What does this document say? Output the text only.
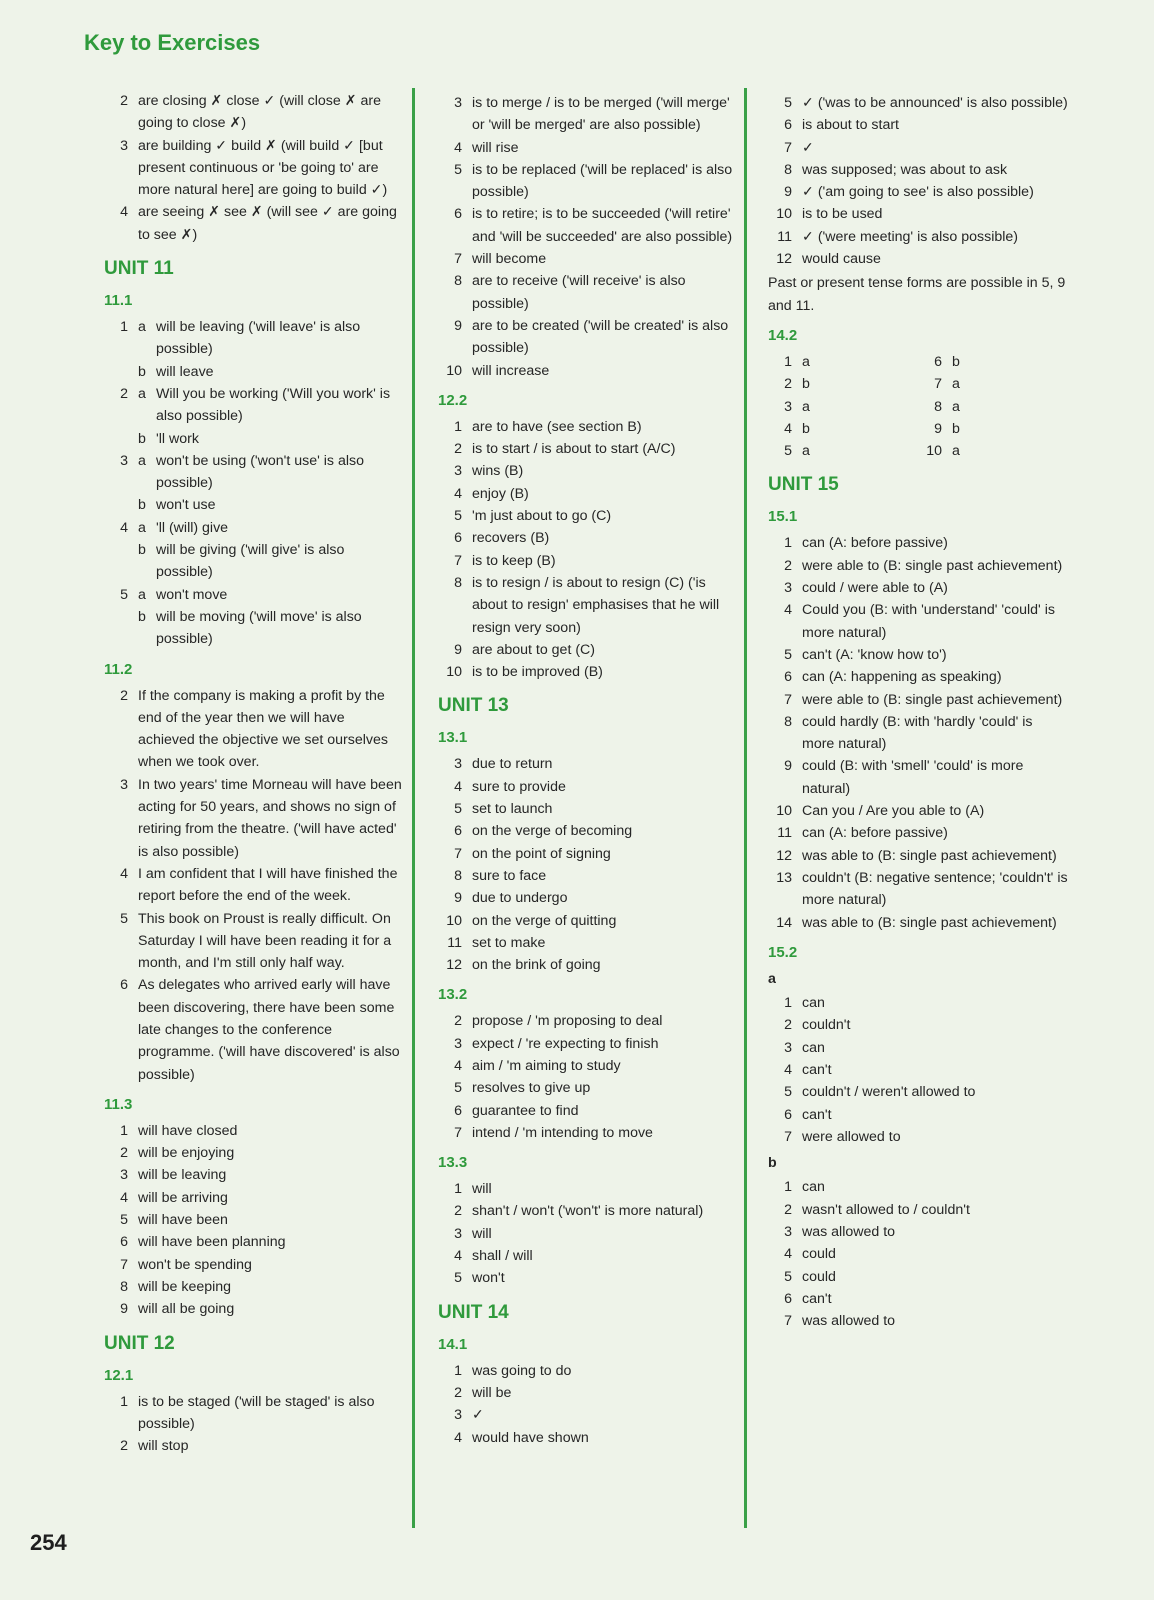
Key to Exercises
2 are closing ✗ close ✓ (will close ✗ are going to close ✗)
3 are building ✓ build ✗ (will build ✓ [but present continuous or 'be going to' are more natural here] are going to build ✓)
4 are seeing ✗ see ✗ (will see ✓ are going to see ✗)
UNIT 11
11.1
1 a will be leaving ('will leave' is also possible)
b will leave
2 a Will you be working ('Will you work' is also possible)
b 'll work
3 a won't be using ('won't use' is also possible)
b won't use
4 a 'll (will) give
b will be giving ('will give' is also possible)
5 a won't move
b will be moving ('will move' is also possible)
11.2
2 If the company is making a profit by the end of the year then we will have achieved the objective we set ourselves when we took over.
3 In two years' time Morneau will have been acting for 50 years, and shows no sign of retiring from the theatre. ('will have acted' is also possible)
4 I am confident that I will have finished the report before the end of the week.
5 This book on Proust is really difficult. On Saturday I will have been reading it for a month, and I'm still only half way.
6 As delegates who arrived early will have been discovering, there have been some late changes to the conference programme. ('will have discovered' is also possible)
11.3
1 will have closed
2 will be enjoying
3 will be leaving
4 will be arriving
5 will have been
6 will have been planning
7 won't be spending
8 will be keeping
9 will all be going
UNIT 12
12.1
1 is to be staged ('will be staged' is also possible)
2 will stop
3 is to merge / is to be merged ('will merge' or 'will be merged' are also possible)
4 will rise
5 is to be replaced ('will be replaced' is also possible)
6 is to retire; is to be succeeded ('will retire' and 'will be succeeded' are also possible)
7 will become
8 are to receive ('will receive' is also possible)
9 are to be created ('will be created' is also possible)
10 will increase
12.2
1 are to have (see section B)
2 is to start / is about to start (A/C)
3 wins (B)
4 enjoy (B)
5 'm just about to go (C)
6 recovers (B)
7 is to keep (B)
8 is to resign / is about to resign (C) ('is about to resign' emphasises that he will resign very soon)
9 are about to get (C)
10 is to be improved (B)
UNIT 13
13.1
3 due to return
4 sure to provide
5 set to launch
6 on the verge of becoming
7 on the point of signing
8 sure to face
9 due to undergo
10 on the verge of quitting
11 set to make
12 on the brink of going
13.2
2 propose / 'm proposing to deal
3 expect / 're expecting to finish
4 aim / 'm aiming to study
5 resolves to give up
6 guarantee to find
7 intend / 'm intending to move
13.3
1 will
2 shan't / won't ('won't' is more natural)
3 will
4 shall / will
5 won't
UNIT 14
14.1
1 was going to do
2 will be
3 ✓
4 would have shown
5 ✓ ('was to be announced' is also possible)
6 is about to start
7 ✓
8 was supposed; was about to ask
9 ✓ ('am going to see' is also possible)
10 is to be used
11 ✓ ('were meeting' is also possible)
12 would cause
Past or present tense forms are possible in 5, 9 and 11.
14.2
1 a
2 b
3 a
4 b
5 a
6 b
7 a
8 a
9 b
10 a
UNIT 15
15.1
1 can (A: before passive)
2 were able to (B: single past achievement)
3 could / were able to (A)
4 Could you (B: with 'understand' 'could' is more natural)
5 can't (A: 'know how to')
6 can (A: happening as speaking)
7 were able to (B: single past achievement)
8 could hardly (B: with 'hardly 'could' is more natural)
9 could (B: with 'smell' 'could' is more natural)
10 Can you / Are you able to (A)
11 can (A: before passive)
12 was able to (B: single past achievement)
13 couldn't (B: negative sentence; 'couldn't' is more natural)
14 was able to (B: single past achievement)
15.2
a
1 can
2 couldn't
3 can
4 can't
5 couldn't / weren't allowed to
6 can't
7 were allowed to
b
1 can
2 wasn't allowed to / couldn't
3 was allowed to
4 could
5 could
6 can't
7 was allowed to
254
